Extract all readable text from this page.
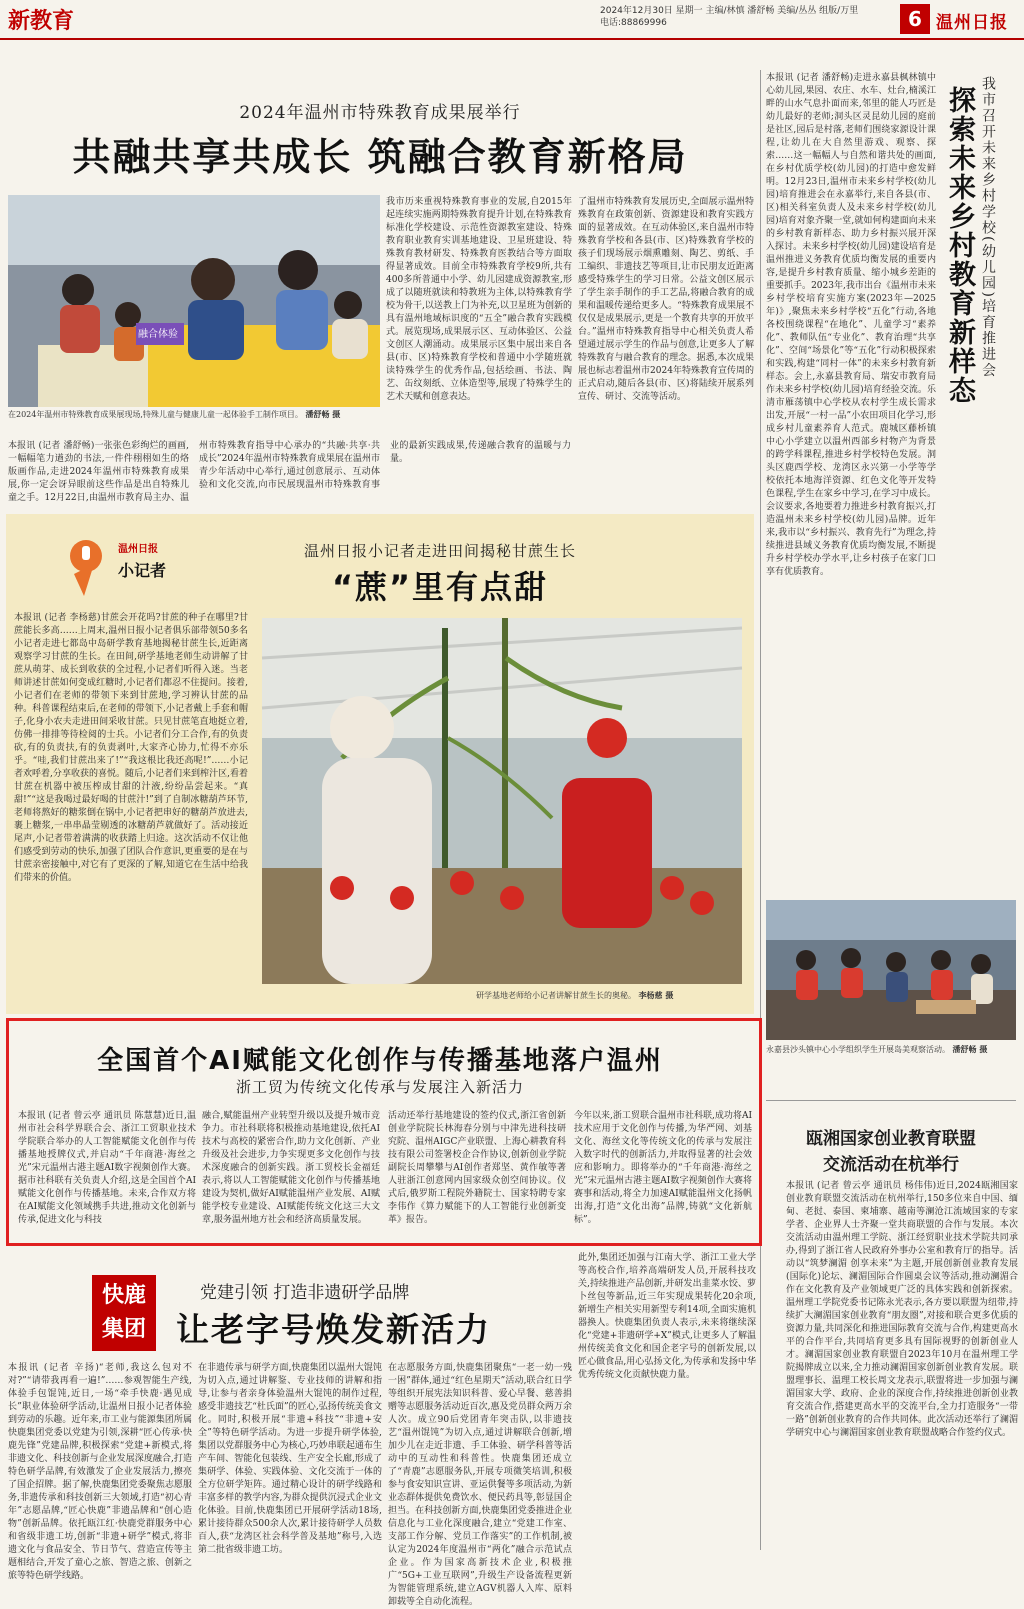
新教育	2024年12月30日 星期一 主编/林慎 潘舒畅 美编/丛丛 组版/万里
电话:88869996	6 温州日报
2024年温州市特殊教育成果展举行
共融共享共成长 筑融合教育新格局
融合体验
在2024年温州市特殊教育成果展现场,特殊儿童与健康儿童一起体验手工制作项目。 潘舒畅 摄
我市历来重视特殊教育事业的发展,自2015年起连续实施两期特殊教育提升计划,在特殊教育标准化学校建设、示范性资源教室建设、特殊教育职业教育实训基地建设、卫星班建设、特殊教育教材研发、特殊教育医教结合等方面取得显著成效。目前全市特殊教育学校9所,共有400多所普通中小学、幼儿园建成资源教室,形成了以随班就读和特教班为主体,以特殊教育学校为骨干,以送教上门为补充,以卫星班为创新的具有温州地域标识度的“五全”融合教育实践模式。展览现场,成果展示区、互动体验区、公益文创区人潮涌动。成果展示区集中展出来自各县(市、区)特殊教育学校和普通中小学随班就读特殊学生的优秀作品,包括绘画、书法、陶艺、缶纹刻纸、立体造型等,展现了特殊学生的艺术天赋和创意表达。
了温州市特殊教育发展历史,全面展示温州特殊教育在政策创新、资源建设和教育实践方面的显著成效。在互动体验区,来自温州市特殊教育学校和各县(市、区)特殊教育学校的孩子们现场展示烟熏雕刻、陶艺、剪纸、手工编织、非遗技艺等项目,让市民朋友近距离感受特殊学生的学习日常。公益文创区展示了学生亲手制作的手工艺品,将融合教育的成果和温暖传递给更多人。“特殊教育成果展不仅仅是成果展示,更是一个教育共享的开放平台。”温州市特殊教育指导中心相关负责人希望通过展示学生的作品与创意,让更多人了解特殊教育与融合教育的理念。据悉,本次成果展也标志着温州市2024年特殊教育宣传周的正式启动,随后各县(市、区)将陆续开展系列宣传、研讨、交流等活动。
本报讯 (记者 潘舒畅)一张张色彩绚烂的画画,一幅幅笔力遒劲的书法,一件件栩栩如生的烙版画作品,走进2024年温州市特殊教育成果展,你一定会讶异眼前这些作品是出自特殊儿童之手。12月22日,由温州市教育局主办、温州市特殊教育指导中心承办的“共融·共享·共成长”2024年温州市特殊教育成果展在温州市青少年活动中心举行,通过创意展示、互动体验和文化交流,向市民展现温州市特殊教育事业的最新实践成果,传递融合教育的温暖与力量。
本报讯 (记者 潘舒畅)走进永嘉县枫林镇中心幼儿园,果园、农庄、水车、灶台,楠溪江畔的山水气息扑面而来,邻里的能人巧匠是幼儿最好的老师;洞头区灵昆幼儿园的庭前是社区,园后是村落,老师们围绕家源设计课程,让幼儿在大自然里游戏、观察、探索……这一幅幅人与自然和谐共处的画面,在乡村优质学校(幼儿园)的打造中愈发鲜明。12月23日,温州市未来乡村学校(幼儿园)培育推进会在永嘉举行,来自各县(市、区)相关科室负责人及未来乡村学校(幼儿园)培育对象齐聚一堂,就如何构建面向未来的乡村教育新样态、助力乡村振兴展开深入探讨。未来乡村学校(幼儿园)建设培育是温州推进义务教育优质均衡发展的重要内容,是提升乡村教育质量、缩小城乡差距的重要抓手。2023年,我市出台《温州市未来乡村学校培育实施方案(2023年—2025年)》,聚焦未来乡村学校“五化”行动,各地各校围绕课程“在地化”、儿童学习“素养化”、教师队伍“专业化”、教育治理“共享化”、空间“场景化”等“五化”行动积极探索和实践,构建“同村一体”的未来乡村教育新样态。会上,永嘉县教育局、瑞安市教育局作未来乡村学校(幼儿园)培育经验交流。乐清市雁荡镇中心学校从农村学生成长需求出发,开展“一村一品”小农田项目化学习,形成乡村儿童素养育人范式。鹿城区藤桥镇中心小学建立以温州西部乡村物产为背景的跨学科课程,推进乡村学校特色发展。洞头区鹿西学校、龙湾区永兴第一小学等学校依托本地海洋资源、红色文化等开发特色课程,学生在家乡中学习,在学习中成长。会议要求,各地要着力推进乡村教育振兴,打造温州未来乡村学校(幼儿园)品牌。近年来,我市以“乡村振兴、教育先行”为理念,持续推进县域义务教育优质均衡发展,不断提升乡村学校办学水平,让乡村孩子在家门口享有优质教育。
我市召开未来乡村学校(幼儿园)培育推进会
探索未来乡村教育新样态
永嘉县沙头镇中心小学组织学生开展岛美观察活动。 潘舒畅 摄
瓯湘国家创业教育联盟
交流活动在杭举行
本报讯 (记者 曾云亭 通讯员 杨伟伟)近日,2024瓯湘国家创业教育联盟交流活动在杭州举行,150多位来自中国、缅甸、老挝、泰国、柬埔寨、越南等澜沧江流域国家的专家学者、企业界人士齐聚一堂共商联盟的合作与发展。本次交流活动由温州理工学院、浙江经贸职业技术学院共同承办,得到了浙江省人民政府外事办公室和教育厅的指导。活动以“筑梦澜湄 创享未来”为主题,开展创新创业教育发展(国际化)论坛、澜湄国际合作圆桌会议等活动,推动澜湄合作在文化教育及产业领域更广泛的具体实践和创新探索。温州理工学院党委书记陈永光表示,各方要以联盟为纽带,持续扩大澜湄国家创业教育“朋友圈”,对接和联合更多优质的资源力量,共同深化和推进国际教育交流与合作,构建更高水平的合作平台,共同培育更多具有国际视野的创新创业人才。澜湄国家创业教育联盟自2023年10月在温州理工学院揭牌成立以来,全力推动澜湄国家创新创业教育发展。联盟理事长、温理工校长周文龙表示,联盟将进一步加强与澜湄国家大学、政府、企业的深度合作,持续推进创新创业教育交流合作,搭建更高水平的交流平台,全力打造服务“一带一路”创新创业教育的合作共同体。此次活动还举行了澜湄学研究中心与澜湄国家创业教育联盟战略合作签约仪式。
温州日报
小记者
温州日报小记者走进田间揭秘甘蔗生长
“蔗”里有点甜
本报讯 (记者 李杨慈)甘蔗会开花吗?甘蔗的种子在哪里?甘蔗能长多高……上周末,温州日报小记者俱乐部带领50多名小记者走进七都岛中岛研学教育基地揭秘甘蔗生长,近距离观察学习甘蔗的生长。在田间,研学基地老师生动讲解了甘蔗从萌芽、成长到收获的全过程,小记者们听得入迷。当老师讲述甘蔗如何变成红糖时,小记者们都忍不住提问。接着,小记者们在老师的带领下来到甘蔗地,学习辨认甘蔗的品种。科普课程结束后,在老师的带领下,小记者戴上手套和帽子,化身小农夫走进田间采收甘蔗。只见甘蔗笔直地挺立着,仿佛一排排等待检阅的士兵。小记者们分工合作,有的负责砍,有的负责扶,有的负责剥叶,大家齐心协力,忙得不亦乐乎。“哇,我们甘蔗出来了!”“我这根比我还高呢!”……小记者欢呼着,分享收获的喜悦。随后,小记者们来到榨汁区,看着甘蔗在机器中被压榨成甘甜的汁液,纷纷品尝起来。“真甜!”“这是我喝过最好喝的甘蔗汁!”到了自制冰糖葫芦环节,老师将熬好的糖浆倒在锅中,小记者把串好的糖葫芦放进去,裹上糖浆,一串串晶莹剔透的冰糖葫芦就做好了。活动接近尾声,小记者带着满满的收获踏上归途。这次活动不仅让他们感受到劳动的快乐,加强了团队合作意识,更重要的是在与甘蔗亲密接触中,对它有了更深的了解,知道它在生活中给我们带来的价值。
研学基地老师给小记者讲解甘蔗生长的奥秘。 李杨慈 摄
全国首个AI赋能文化创作与传播基地落户温州
浙工贸为传统文化传承与发展注入新活力
本报讯 (记者 曾云亭 通讯员 陈慧慧)近日,温州市社会科学界联合会、浙江工贸职业技术学院联合举办的人工智能赋能文化创作与传播基地授牌仪式,并启动“千年商港·海丝之光”宋元温州古港主题AI数字视频创作大赛。据市社科联有关负责人介绍,这是全国首个AI赋能文化创作与传播基地。未来,合作双方将在AI赋能文化领域携手共进,推动文化创新与传承,促进文化与科技
融合,赋能温州产业转型升级以及提升城市竞争力。市社科联将积极推动基地建设,依托AI技术与高校的紧密合作,助力文化创新、产业升级及社会进步,力争实现更多文化创作与技术深度融合的创新实践。浙工贸校长金福廷表示,将以人工智能赋能文化创作与传播基地建设为契机,做好AI赋能温州产业发展、AI赋能学校专业建设、AI赋能传统文化这三大文章,服务温州地方社会和经济高质量发展。
活动还举行基地建设的签约仪式,浙江省创新创业学院院长林海春分别与中津先进科技研究院、温州AIGC产业联盟、上海心耕教育科技有限公司签署校企合作协议,创新创业学院副院长周攀攀与AI创作者郑坚、黄作敏等著人驻浙江创意网内国家级众创空间协议。仪式后,俄罗斯工程院外籍院士、国家特聘专家李伟作《算力赋能下的人工智能行业创新变革》报告。
今年以来,浙工贸联合温州市社科联,成功将AI技术应用于文化创作与传播,为华严网、刘基文化、海丝文化等传统文化的传承与发展注入数字时代的创新活力,并取得显著的社会效应和影响力。即将举办的“千年商港·海丝之光”宋元温州古港主题AI数字视频创作大赛将赛事和活动,将全力加速AI赋能温州文化扬帆出海,打造“文化出海”品牌,铸就“文化新航标”。
快鹿集团
党建引领 打造非遗研学品牌
让老字号焕发新活力
本报讯 (记者 辛扬)“老师,我这么包对不对?”“请带我再看一遍!”……参观智能生产线,体验手包馄饨,近日,一场“牵手快鹿·遇见成长”职业体验研学活动,让温州日报小记者体验到劳动的乐趣。近年来,市工业与能源集团所属快鹿集团党委以党建为引领,深耕“匠心传承·快鹿先锋”党建品牌,积极探索“党建+新模式,将非遗文化、科技创新与企业发展深度融合,打造特色研学品牌,有效激发了企业发展活力,擦亮了国企招牌。据了解,快鹿集团党委聚焦志愿服务,非遗传承和科技创新三大领域,打造“初心青年”志愿品牌,“匠心快鹿”非遗品牌和“创心造物”创新品牌。依托瓯江红·快鹿党群服务中心和省级非遗工坊,创新“非遗+研学”模式,将非遗文化与食品安全、节日节气、营造宣传等主题相结合,开发了童心之旅、智造之旅、创新之旅等特色研学线路。
在非遗传承与研学方面,快鹿集团以温州大馄饨为切入点,通过讲解鉴、专业技师的讲解和指导,让参与者亲身体验温州大馄饨的制作过程,感受非遗技艺“杜氏面”的匠心,弘扬传统美食文化。同时,积极开展“非遗+科技”“非遗+安全”等特色研学活动。为进一步提升研学体验,集团以党群服务中心为核心,巧妙串联起通布生产车间、智能化包装线、生产安全长廊,形成了集研学、体验、实践体验、文化交流于一体的全方位研学矩阵。通过精心设计的研学线路和丰富多样的教学内容,为群众提供沉浸式企业文化体验。目前,快鹿集团已开展研学活动18场,累计接待群众500余人次,累计接待研学人员数百人,获“龙湾区社会科学普及基地”称号,入选第二批省级非遗工坊。
在志愿服务方面,快鹿集团聚焦“一老一幼一残一困”群体,通过“红色星期天”活动,联合红日学等组织开展宪法知识科普、爱心早餐、慈善捐赠等志愿服务活动近百次,惠及党员群众两万余人次。成立90后党团青年突击队,以非遗技艺“温州馄饨”为切入点,通过讲解联合创新,增加少儿在走近非遗、手工体验、研学科普等活动中的互动性和科普性。快鹿集团还成立了“青鹿”志愿服务队,开展专项微笑培训,积极参与食安知识宣讲、亚运供餐等多项活动,为新业态群体提供免费饮水、便民药具等,彰显国企担当。在科技创新方面,快鹿集团党委推进企业信息化与工业化深度融合,建立“党建工作室、支部工作分解、党员工作落实”的工作机制,被认定为2024年度温州市“两化”融合示范试点企业。作为国家高新技术企业,积极推广“5G+工业互联网”,升级生产设备流程更新为智能管理系统,建立AGV机器人入库、原料卸载等全自动化流程。
此外,集团还加强与江南大学、浙江工业大学等高校合作,培养高端研发人员,开展科技攻关,持续推进产品创新,并研发出韭菜水饺、萝卜丝包等新品,近三年实现成果转化20余项,新增生产相关实用新型专利14项,全面实施机器换人。快鹿集团负责人表示,未来将继续深化“党建+非遗研学+X”模式,让更多人了解温州传统美食文化和国企老字号的创新发展,以匠心做食品,用心弘扬文化,为传承和发扬中华优秀传统文化贡献快鹿力量。
